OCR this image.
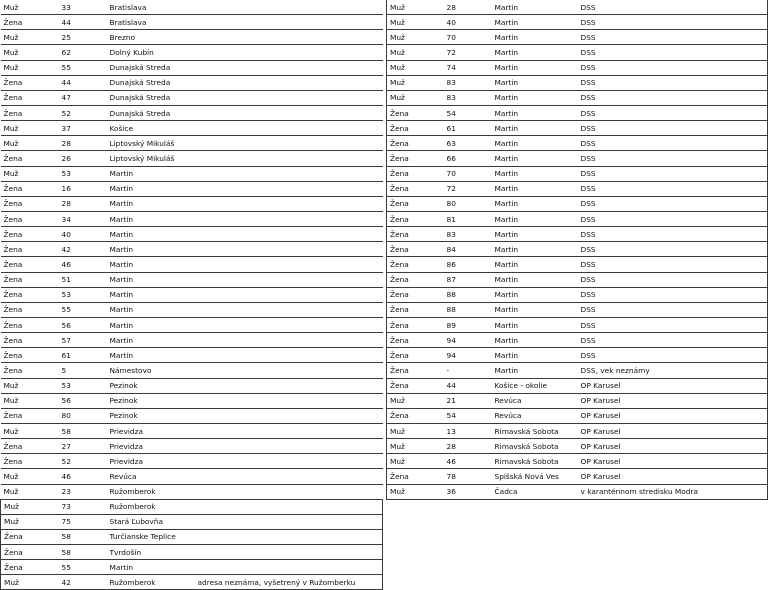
Muž	33	Bratislava	
Žena	44	Bratislava	
Muž	25	Brezno	
Muž	62	Dolný Kubín	
Muž	55	Dunajská Streda	
Žena	44	Dunajská Streda	
Žena	47	Dunajská Streda	
Žena	52	Dunajská Streda	
Muž	37	Košice	
Muž	28	Liptovský Mikuláš	
Žena	26	Liptovský Mikuláš	
Muž	53	Martin	
Žena	16	Martin	
Žena	28	Martin	
Žena	34	Martin	
Žena	40	Martin	
Žena	42	Martin	
Žena	46	Martin	
Žena	51	Martin	
Žena	53	Martin	
Žena	55	Martin	
Žena	56	Martin	
Žena	57	Martin	
Žena	61	Martin	
Žena	5	Námestovo	
Muž	53	Pezinok	
Muž	56	Pezinok	
Žena	80	Pezinok	
Muž	58	Prievidza	
Žena	27	Prievidza	
Žena	52	Prievidza	
Muž	46	Revúca	
Muž	23	Ružomberok	
Muž	73	Ružomberok	
Muž	75	Stará Ľubovňa	
Žena	58	Turčianske Teplice	
Žena	58	Tvrdošín	
Žena	55	Martin	
Muž	42	Ružomberok	adresa neznáma, vyšetrený v Ružomberku
Muž	28	Martin	DSS
Muž	40	Martin	DSS
Muž	70	Martin	DSS
Muž	72	Martin	DSS
Muž	74	Martin	DSS
Muž	83	Martin	DSS
Muž	83	Martin	DSS
Žena	54	Martin	DSS
Žena	61	Martin	DSS
Žena	63	Martin	DSS
Žena	66	Martin	DSS
Žena	70	Martin	DSS
Žena	72	Martin	DSS
Žena	80	Martin	DSS
Žena	81	Martin	DSS
Žena	83	Martin	DSS
Žena	84	Martin	DSS
Žena	86	Martin	DSS
Žena	87	Martin	DSS
Žena	88	Martin	DSS
Žena	88	Martin	DSS
Žena	89	Martin	DSS
Žena	94	Martin	DSS
Žena	94	Martin	DSS
Žena	-	Martin	DSS, vek neznámy
Žena	44	Košice - okolie	OP Karusel
Muž	21	Revúca	OP Karusel
Žena	54	Revúca	OP Karusel
Muž	13	Rimavská Sobota	OP Karusel
Muž	28	Rimavská Sobota	OP Karusel
Muž	46	Rimavská Sobota	OP Karusel
Žena	78	Spišská Nová Ves	OP Karusel
Muž	36	Čadca	v karanténnom stredisku Modra
